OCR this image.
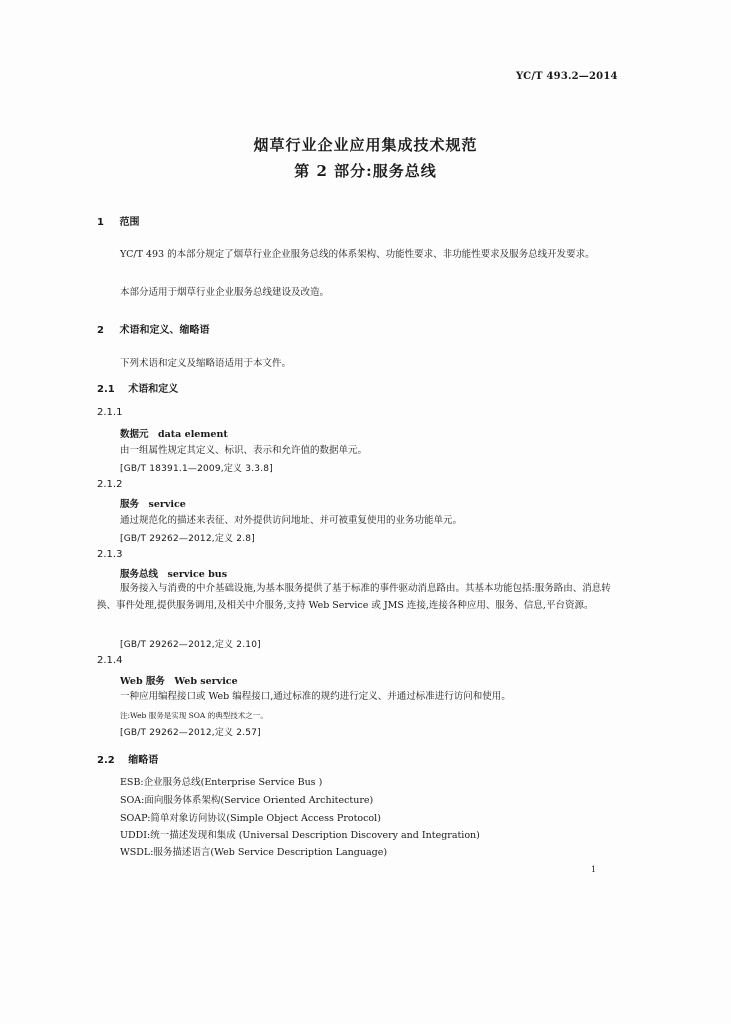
YC/T 493.2—2014
烟草行业企业应用集成技术规范
第 2 部分:服务总线
1 范围

YC/T 493 的本部分规定了烟草行业企业服务总线的体系架构、功能性要求、非功能性要求及服务总线开发要求。

本部分适用于烟草行业企业服务总线建设及改造。

2 术语和定义、缩略语

下列术语和定义及缩略语适用于本文件。

2.1 术语和定义
2.1.1
数据元　data element
由一组属性规定其定义、标识、表示和允许值的数据单元。
[GB/T 18391.1—2009,定义 3.3.8]
2.1.2
服务　service
通过规范化的描述来表征、对外提供访问地址、并可被重复使用的业务功能单元。
[GB/T 29262—2012,定义 2.8]
2.1.3
服务总线　service bus

服务接入与消费的中介基础设施,为基本服务提供了基于标准的事件驱动消息路由。其基本功能包括:服务路由、消息转换、事件处理,提供服务调用,及相关中介服务,支持 Web Service 或 JMS 连接,连接各种应用、服务、信息,平台资源。

[GB/T 29262—2012,定义 2.10]
2.1.4
Web 服务　Web service
一种应用编程接口或 Web 编程接口,通过标准的规约进行定义、并通过标准进行访问和使用。
注:Web 服务是实现 SOA 的典型技术之一。
[GB/T 29262—2012,定义 2.57]
2.2 缩略语
ESB:企业服务总线(Enterprise Service Bus )
SOA:面向服务体系架构(Service Oriented Architecture)
SOAP:简单对象访问协议(Simple Object Access Protocol)
UDDI:统一描述发现和集成 (Universal Description Discovery and Integration)
WSDL:服务描述语言(Web Service Description Language)
1
